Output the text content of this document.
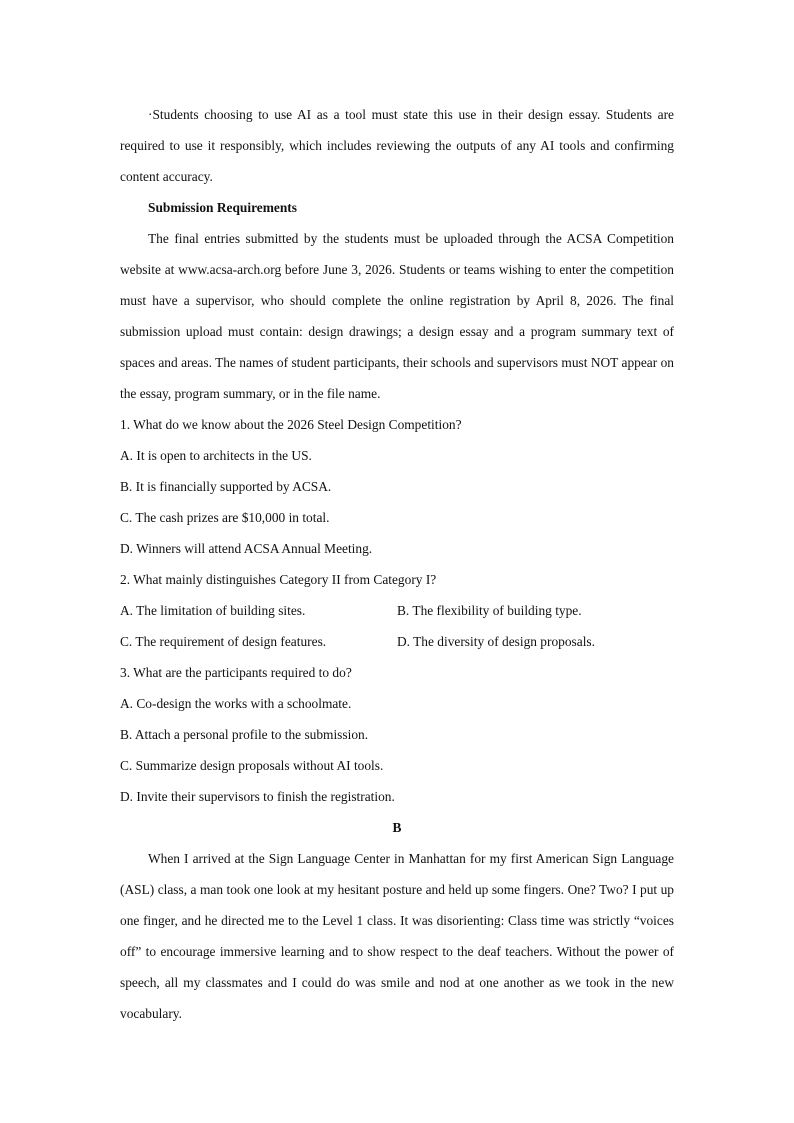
·Students choosing to use AI as a tool must state this use in their design essay. Students are required to use it responsibly, which includes reviewing the outputs of any AI tools and confirming content accuracy.

Submission Requirements

The final entries submitted by the students must be uploaded through the ACSA Competition website at www.acsa-arch.org before June 3, 2026. Students or teams wishing to enter the competition must have a supervisor, who should complete the online registration by April 8, 2026. The final submission upload must contain: design drawings; a design essay and a program summary text of spaces and areas. The names of student participants, their schools and supervisors must NOT appear on the essay, program summary, or in the file name.

1. What do we know about the 2026 Steel Design Competition?

A. It is open to architects in the US.

B. It is financially supported by ACSA.

C. The cash prizes are $10,000 in total.

D. Winners will attend ACSA Annual Meeting.

2. What mainly distinguishes Category II from Category I?

A. The limitation of building sites.	B. The flexibility of building type.
C. The requirement of design features.	D. The diversity of design proposals.

3. What are the participants required to do?

A. Co-design the works with a schoolmate.

B. Attach a personal profile to the submission.

C. Summarize design proposals without AI tools.

D. Invite their supervisors to finish the registration.

B

When I arrived at the Sign Language Center in Manhattan for my first American Sign Language (ASL) class, a man took one look at my hesitant posture and held up some fingers. One? Two? I put up one finger, and he directed me to the Level 1 class. It was disorienting: Class time was strictly “voices off” to encourage immersive learning and to show respect to the deaf teachers. Without the power of speech, all my classmates and I could do was smile and nod at one another as we took in the new vocabulary.
